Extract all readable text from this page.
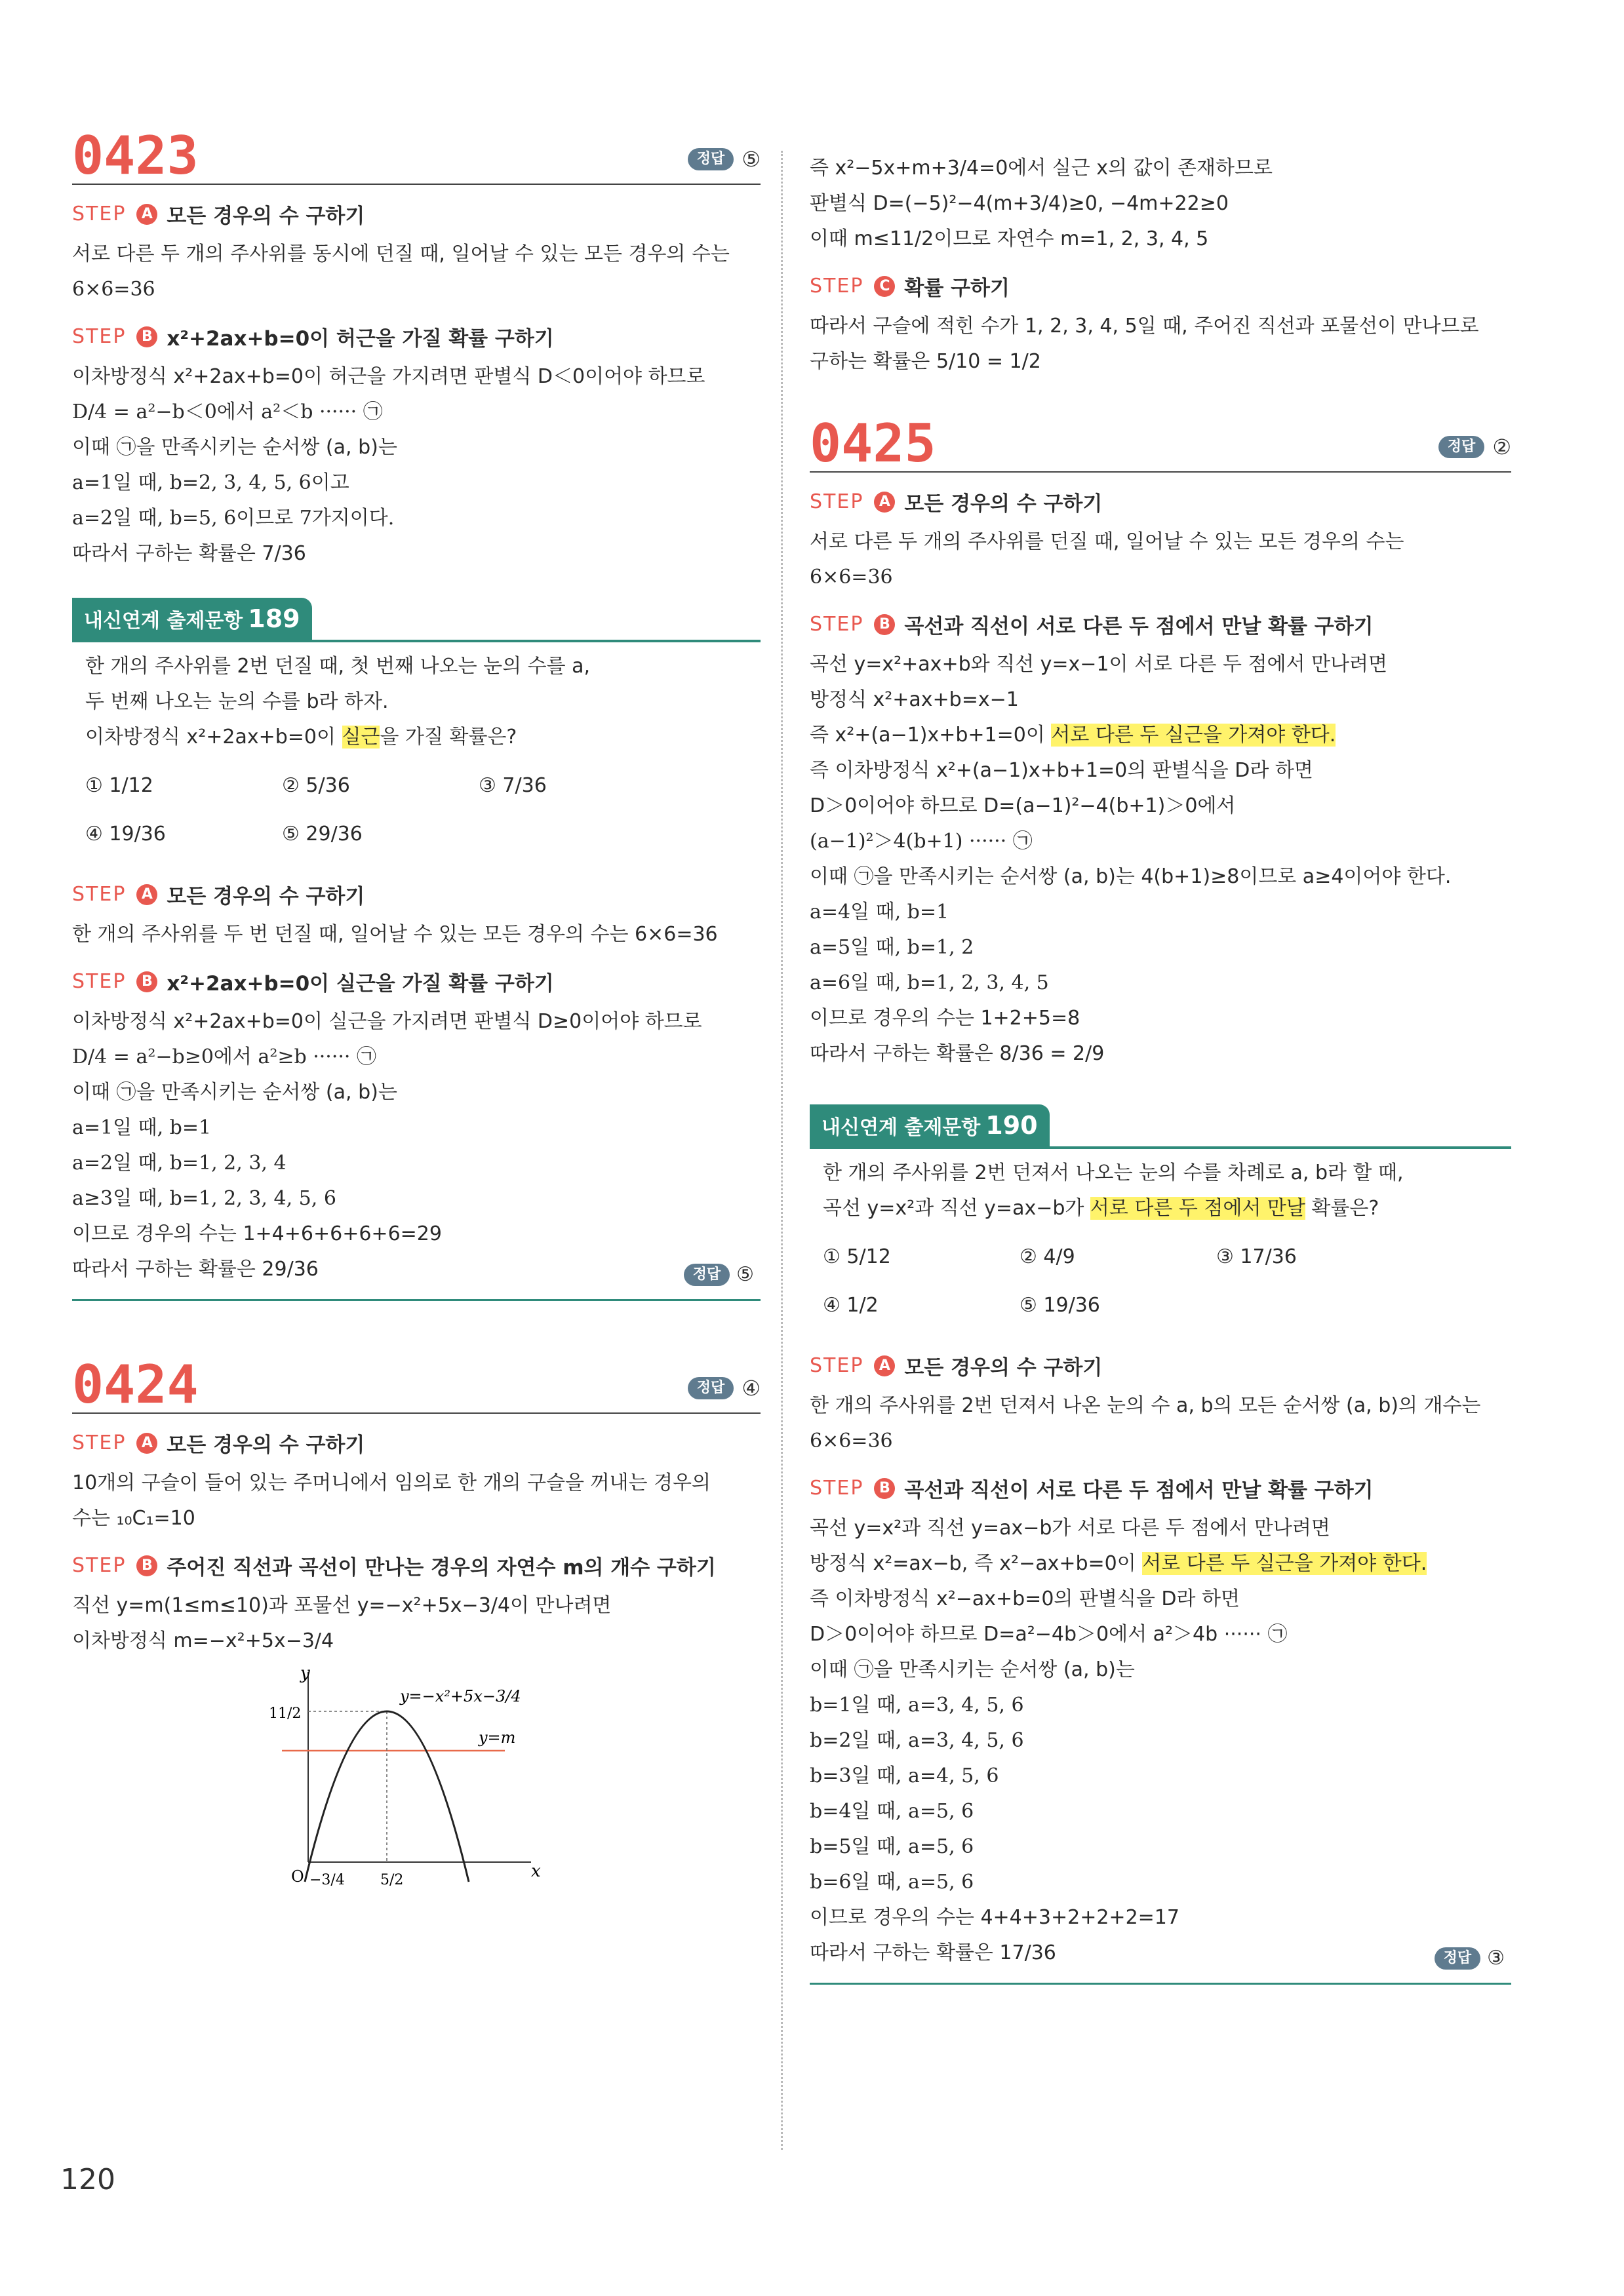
0423	정답 ⑤
STEP	A 모든 경우의 수 구하기
서로 다른 두 개의 주사위를 동시에 던질 때, 일어날 수 있는 모든 경우의 수는
6×6=36
STEP	B x²+2ax+b=0이 허근을 가질 확률 구하기
이차방정식 x²+2ax+b=0이 허근을 가지려면 판별식 D＜0이어야 하므로
D/4 = a²−b＜0에서 a²＜b ······ ㉠
이때 ㉠을 만족시키는 순서쌍 (a, b)는
a=1일 때, b=2, 3, 4, 5, 6이고
a=2일 때, b=5, 6이므로 7가지이다.
따라서 구하는 확률은 7/36
내신연계 출제문항 189
한 개의 주사위를 2번 던질 때, 첫 번째 나오는 눈의 수를 a,
두 번째 나오는 눈의 수를 b라 하자.
이차방정식 x²+2ax+b=0이 실근을 가질 확률은?
① 1/12	② 5/36	③ 7/36
④ 19/36	⑤ 29/36
STEP	A 모든 경우의 수 구하기
한 개의 주사위를 두 번 던질 때, 일어날 수 있는 모든 경우의 수는 6×6=36
STEP	B x²+2ax+b=0이 실근을 가질 확률 구하기
이차방정식 x²+2ax+b=0이 실근을 가지려면 판별식 D≥0이어야 하므로
D/4 = a²−b≥0에서 a²≥b ······ ㉠
이때 ㉠을 만족시키는 순서쌍 (a, b)는
a=1일 때, b=1
a=2일 때, b=1, 2, 3, 4
a≥3일 때, b=1, 2, 3, 4, 5, 6
이므로 경우의 수는 1+4+6+6+6+6=29
따라서 구하는 확률은 29/36	정답 ⑤
0424	정답 ④
STEP	A 모든 경우의 수 구하기
10개의 구슬이 들어 있는 주머니에서 임의로 한 개의 구슬을 꺼내는 경우의
수는 ₁₀C₁=10
STEP	B 주어진 직선과 곡선이 만나는 경우의 자연수 m의 개수 구하기
직선 y=m(1≤m≤10)과 포물선 y=−x²+5x−3/4이 만나려면
이차방정식 m=−x²+5x−3/4
y
x
O
11/2
−3/4 5/2
y=−x²+5x−3/4
y=m
즉 x²−5x+m+3/4=0에서 실근 x의 값이 존재하므로
판별식 D=(−5)²−4(m+3/4)≥0, −4m+22≥0
이때 m≤11/2이므로 자연수 m=1, 2, 3, 4, 5
STEP	C 확률 구하기
따라서 구슬에 적힌 수가 1, 2, 3, 4, 5일 때, 주어진 직선과 포물선이 만나므로
구하는 확률은 5/10 = 1/2
0425	정답 ②
STEP	A 모든 경우의 수 구하기
서로 다른 두 개의 주사위를 던질 때, 일어날 수 있는 모든 경우의 수는
6×6=36
STEP	B 곡선과 직선이 서로 다른 두 점에서 만날 확률 구하기
곡선 y=x²+ax+b와 직선 y=x−1이 서로 다른 두 점에서 만나려면
방정식 x²+ax+b=x−1
즉 x²+(a−1)x+b+1=0이 서로 다른 두 실근을 가져야 한다.
즉 이차방정식 x²+(a−1)x+b+1=0의 판별식을 D라 하면
D＞0이어야 하므로 D=(a−1)²−4(b+1)＞0에서
(a−1)²＞4(b+1) ······ ㉠
이때 ㉠을 만족시키는 순서쌍 (a, b)는 4(b+1)≥8이므로 a≥4이어야 한다.
a=4일 때, b=1
a=5일 때, b=1, 2
a=6일 때, b=1, 2, 3, 4, 5
이므로 경우의 수는 1+2+5=8
따라서 구하는 확률은 8/36 = 2/9
내신연계 출제문항 190
한 개의 주사위를 2번 던져서 나오는 눈의 수를 차례로 a, b라 할 때,
곡선 y=x²과 직선 y=ax−b가 서로 다른 두 점에서 만날 확률은?
① 5/12	② 4/9	③ 17/36
④ 1/2	⑤ 19/36
STEP	A 모든 경우의 수 구하기
한 개의 주사위를 2번 던져서 나온 눈의 수 a, b의 모든 순서쌍 (a, b)의 개수는
6×6=36
STEP	B 곡선과 직선이 서로 다른 두 점에서 만날 확률 구하기
곡선 y=x²과 직선 y=ax−b가 서로 다른 두 점에서 만나려면
방정식 x²=ax−b, 즉 x²−ax+b=0이 서로 다른 두 실근을 가져야 한다.
즉 이차방정식 x²−ax+b=0의 판별식을 D라 하면
D＞0이어야 하므로 D=a²−4b＞0에서 a²＞4b ······ ㉠
이때 ㉠을 만족시키는 순서쌍 (a, b)는
b=1일 때, a=3, 4, 5, 6
b=2일 때, a=3, 4, 5, 6
b=3일 때, a=4, 5, 6
b=4일 때, a=5, 6
b=5일 때, a=5, 6
b=6일 때, a=5, 6
이므로 경우의 수는 4+4+3+2+2+2=17
따라서 구하는 확률은 17/36	정답 ③
120
